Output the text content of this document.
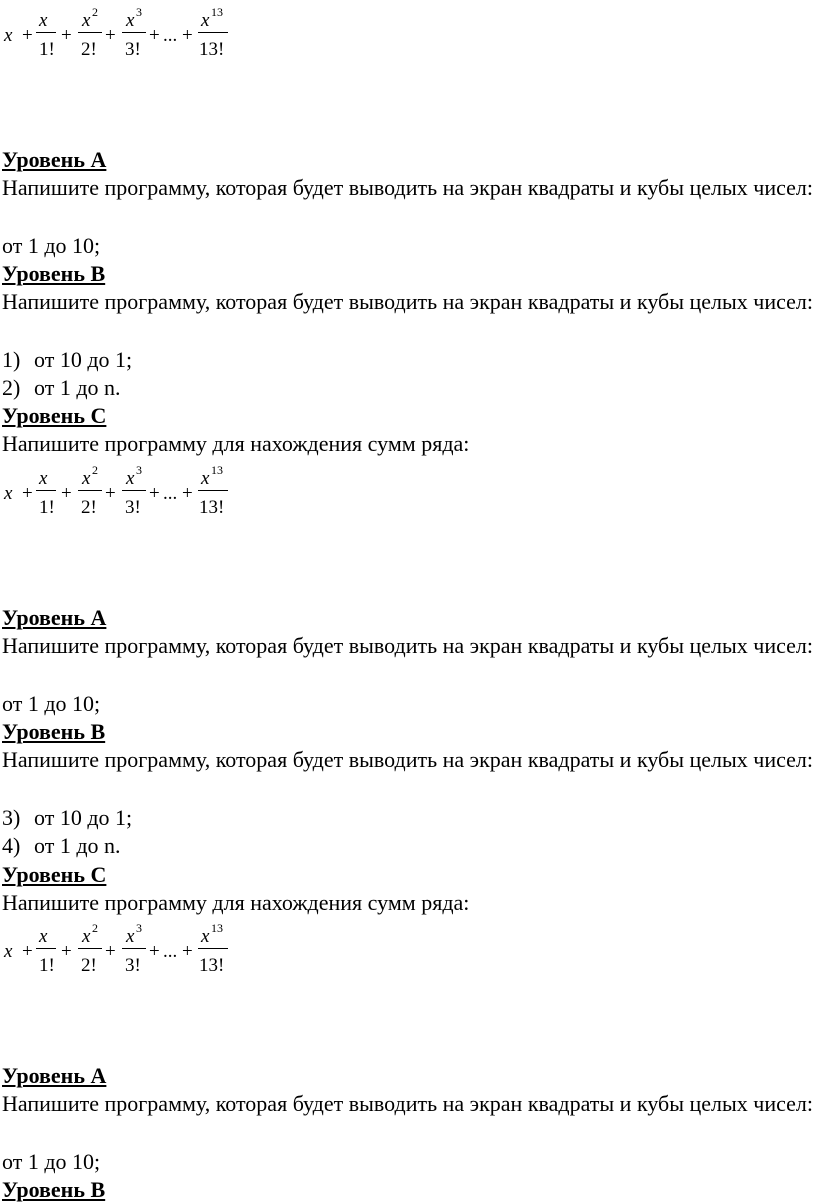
x +
x
1!
+
x 2
2!
+
x 3
3!
+ ... +
x 13
13!
Уровень А

Напишите программу, которая будет выводить на экран квадраты и кубы целых чисел:

от 1 до 10;
Уровень В

Напишите программу, которая будет выводить на экран квадраты и кубы целых чисел:

1) от 10 до 1;
2) от 1 до n.
Уровень С
Напишите программу для нахождения сумм ряда:
x +
x
1!
+
x 2
2!
+
x 3
3!
+ ... +
x 13
13!
Уровень А

Напишите программу, которая будет выводить на экран квадраты и кубы целых чисел:

от 1 до 10;
Уровень В

Напишите программу, которая будет выводить на экран квадраты и кубы целых чисел:

3) от 10 до 1;
4) от 1 до n.
Уровень С
Напишите программу для нахождения сумм ряда:
x +
x
1!
+
x 2
2!
+
x 3
3!
+ ... +
x 13
13!
Уровень А

Напишите программу, которая будет выводить на экран квадраты и кубы целых чисел:

от 1 до 10;
Уровень В
